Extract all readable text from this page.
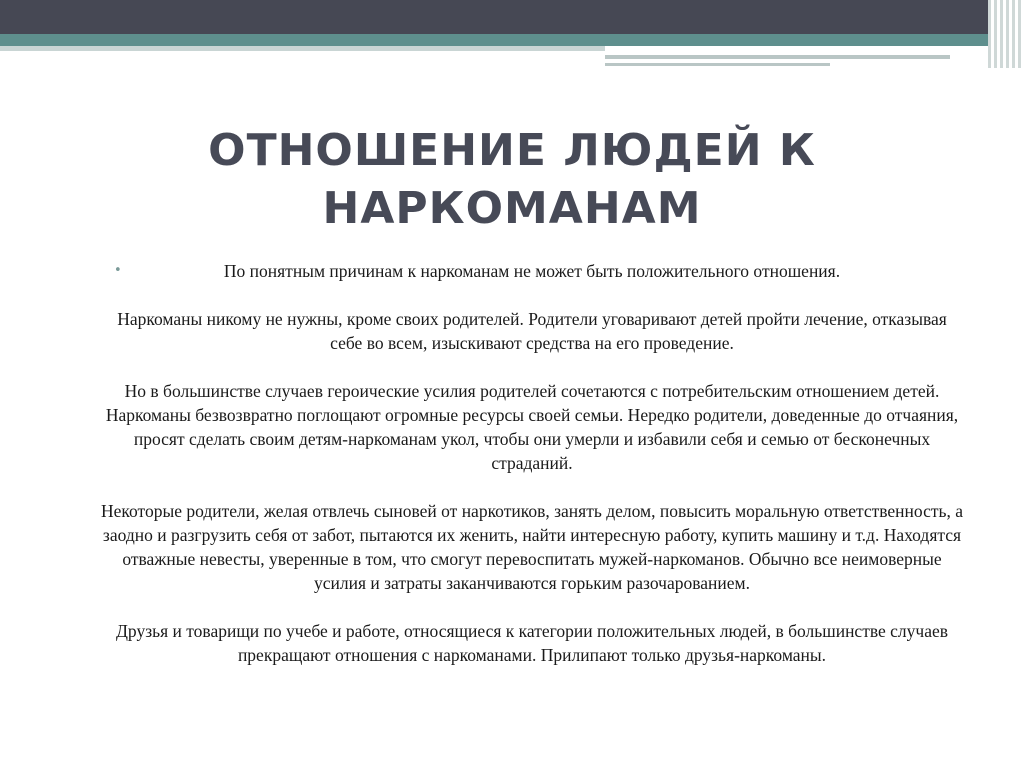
ОТНОШЕНИЕ ЛЮДЕЙ К
НАРКОМАНАМ
•	По понятным причинам к наркоманам не может быть положительного отношения.

Наркоманы никому не нужны, кроме своих родителей. Родители уговаривают детей пройти лечение, отказывая себе во всем, изыскивают средства на его проведение.

Но в большинстве случаев героические усилия родителей сочетаются с потребительским отношением детей. Наркоманы безвозвратно поглощают огромные ресурсы своей семьи. Нередко родители, доведенные до отчаяния, просят сделать своим детям-наркоманам укол, чтобы они умерли и избавили себя и семью от бесконечных страданий.

Некоторые родители, желая отвлечь сыновей от наркотиков, занять делом, повысить моральную ответственность, а заодно и разгрузить себя от забот, пытаются их женить, найти интересную работу, купить машину и т.д. Находятся отважные невесты, уверенные в том, что смогут перевоспитать мужей-наркоманов. Обычно все неимоверные усилия и затраты заканчиваются горьким разочарованием.

Друзья и товарищи по учебе и работе, относящиеся к категории положительных людей, в большинстве случаев прекращают отношения с наркоманами. Прилипают только друзья-наркоманы.
